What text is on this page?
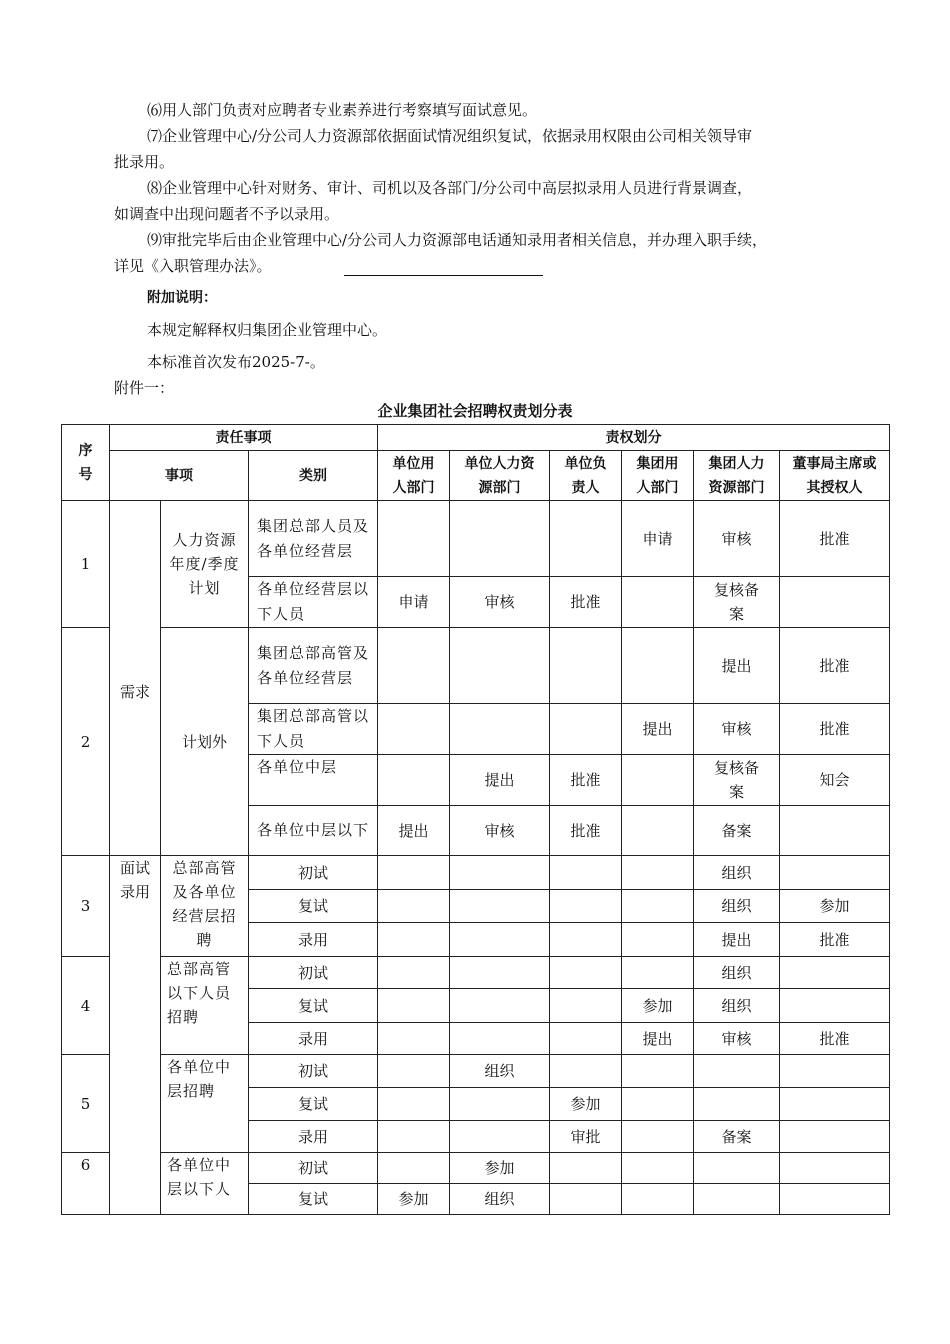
⑹用人部门负责对应聘者专业素养进行考察填写面试意见。
⑺企业管理中心/分公司人力资源部依据面试情况组织复试，依据录用权限由公司相关领导审
批录用。
⑻企业管理中心针对财务、审计、司机以及各部门/分公司中高层拟录用人员进行背景调查，
如调查中出现问题者不予以录用。
⑼审批完毕后由企业管理中心/分公司人力资源部电话通知录用者相关信息，并办理入职手续，
详见《入职管理办法》。
附加说明：
本规定解释权归集团企业管理中心。
本标准首次发布2025-7-。
附件一：
企业集团社会招聘权责划分表
序号	责任事项			责权划分					
	事项		类别	单位用人部门	单位人力资源部门	单位负责人	集团用人部门	集团人力资源部门	董事局主席或其授权人
1	需求	人力资源年度/季度计划	集团总部人员及各单位经营层				申请	审核	批准
			各单位经营层以下人员	申请	审核	批准		复核备案	
2		计划外	集团总部高管及各单位经营层					提出	批准
			集团总部高管以下人员				提出	审核	批准
			各单位中层		提出	批准		复核备案	知会
			各单位中层以下	提出	审核	批准		备案	
3	面试录用	总部高管及各单位经营层招聘	初试					组织	
			复试					组织	参加
			录用					提出	批准
4		总部高管以下人员招聘	初试					组织	
			复试				参加	组织	
			录用				提出	审核	批准
5		各单位中层招聘	初试		组织				
			复试			参加			
			录用			审批		备案	
6		各单位中层以下人	初试		参加				
			复试	参加	组织				
